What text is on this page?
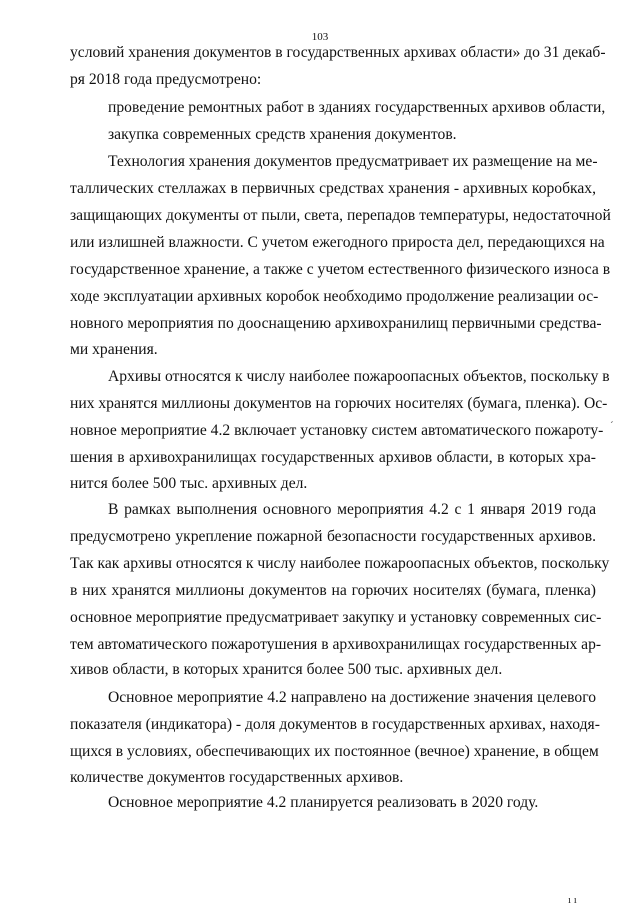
103
условий хранения документов в государственных архивах области» до 31 декаб-
ря 2018 года предусмотрено:
проведение ремонтных работ в зданиях государственных архивов области,
закупка современных средств хранения документов.
Технология хранения документов предусматривает их размещение на ме-
таллических стеллажах в первичных средствах хранения - архивных коробках,
защищающих документы от пыли, света, перепадов температуры, недостаточной
или излишней влажности. С учетом ежегодного прироста дел, передающихся на
государственное хранение, а также с учетом естественного физического износа в
ходе эксплуатации архивных коробок необходимо продолжение реализации ос-
новного мероприятия по дооснащению архивохранилищ первичными средства-
ми хранения.
Архивы относятся к числу наиболее пожароопасных объектов, поскольку в
них хранятся миллионы документов на горючих носителях (бумага, пленка). Ос-
новное мероприятие 4.2 включает установку систем автоматического пожароту-
шения в архивохранилищах государственных архивов области, в которых хра-
нится более 500 тыс. архивных дел.
В рамках выполнения основного мероприятия 4.2 с 1 января 2019 года
предусмотрено укрепление пожарной безопасности государственных архивов.
Так как архивы относятся к числу наиболее пожароопасных объектов, поскольку
в них хранятся миллионы документов на горючих носителях (бумага, пленка)
основное мероприятие предусматривает закупку и установку современных сис-
тем автоматического пожаротушения в архивохранилищах государственных ар-
хивов области, в которых хранится более 500 тыс. архивных дел.
Основное мероприятие 4.2 направлено на достижение значения целевого
показателя (индикатора) - доля документов в государственных архивах, находя-
щихся в условиях, обеспечивающих их постоянное (вечное) хранение, в общем
количестве документов государственных архивов.
Основное мероприятие 4.2 планируется реализовать в 2020 году.
´
ı ı
